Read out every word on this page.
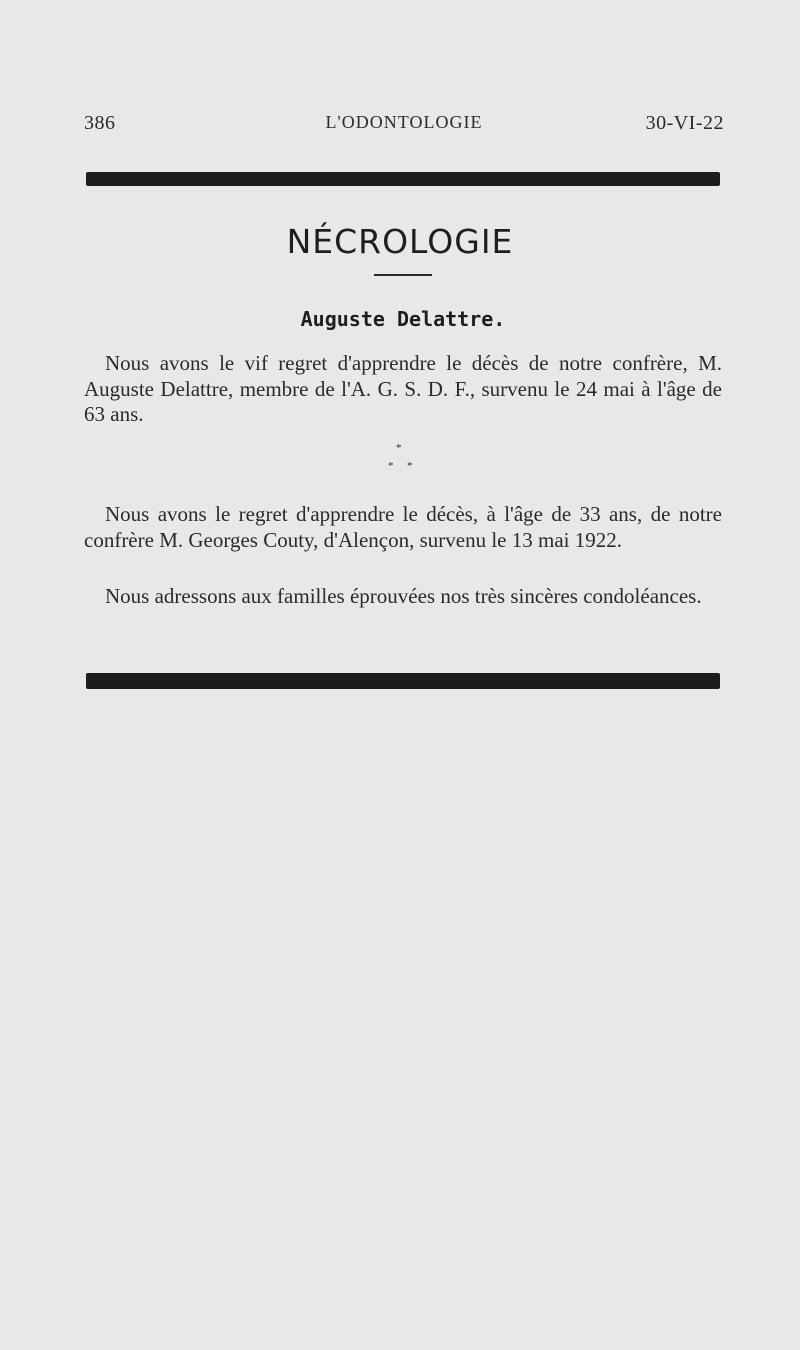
386	L'ODONTOLOGIE	30-VI-22
NÉCROLOGIE
Auguste Delattre.

Nous avons le vif regret d'apprendre le décès de notre confrère, M. Auguste Delattre, membre de l'A. G. S. D. F., survenu le 24 mai à l'âge de 63 ans.

*
* *

Nous avons le regret d'apprendre le décès, à l'âge de 33 ans, de notre confrère M. Georges Couty, d'Alençon, survenu le 13 mai 1922.

Nous adressons aux familles éprouvées nos très sincères condoléances.
